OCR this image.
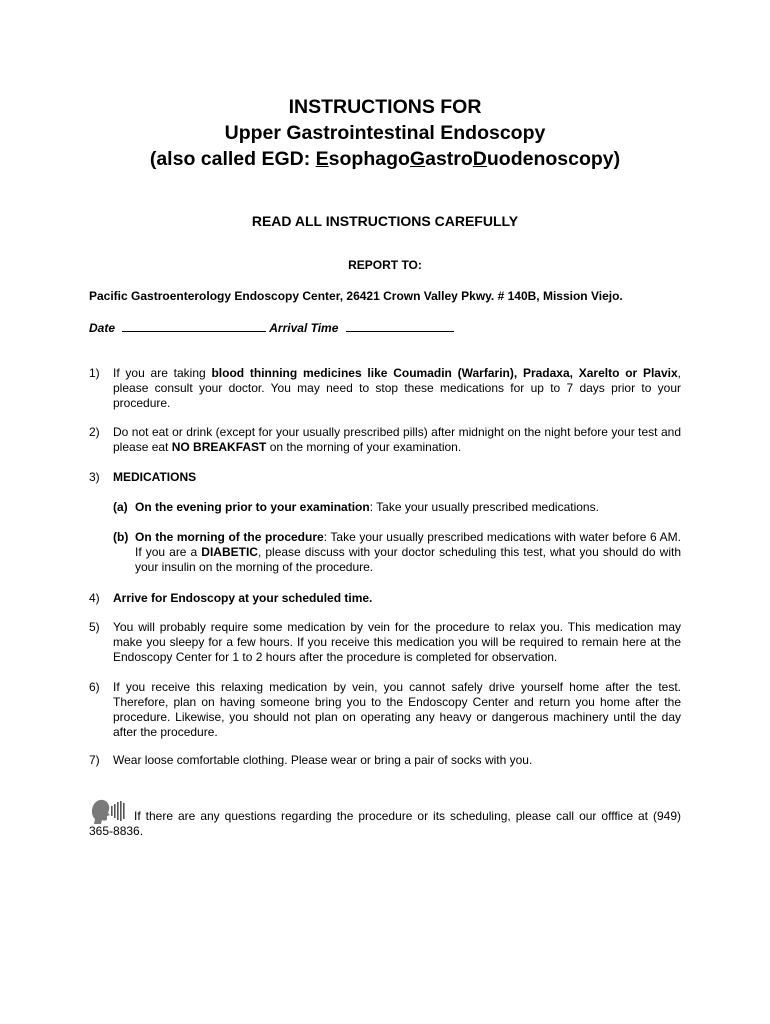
INSTRUCTIONS FOR
Upper Gastrointestinal Endoscopy
(also called EGD: EsophagoGastroDuodenoscopy)
READ ALL INSTRUCTIONS CAREFULLY
REPORT TO:
Pacific Gastroenterology Endoscopy Center, 26421 Crown Valley Pkwy. # 140B, Mission Viejo.
Date	Arrival Time
1) If you are taking blood thinning medicines like Coumadin (Warfarin), Pradaxa, Xarelto or Plavix, please consult your doctor. You may need to stop these medications for up to 7 days prior to your procedure.
2) Do not eat or drink (except for your usually prescribed pills) after midnight on the night before your test and please eat NO BREAKFAST on the morning of your examination.
3) MEDICATIONS
(a) On the evening prior to your examination: Take your usually prescribed medications.
(b) On the morning of the procedure: Take your usually prescribed medications with water before 6 AM. If you are a DIABETIC, please discuss with your doctor scheduling this test, what you should do with your insulin on the morning of the procedure.
4) Arrive for Endoscopy at your scheduled time.
5) You will probably require some medication by vein for the procedure to relax you. This medication may make you sleepy for a few hours. If you receive this medication you will be required to remain here at the Endoscopy Center for 1 to 2 hours after the procedure is completed for observation.
6) If you receive this relaxing medication by vein, you cannot safely drive yourself home after the test. Therefore, plan on having someone bring you to the Endoscopy Center and return you home after the procedure. Likewise, you should not plan on operating any heavy or dangerous machinery until the day after the procedure.
7) Wear loose comfortable clothing. Please wear or bring a pair of socks with you.
If there are any questions regarding the procedure or its scheduling, please call our offfice at (949) 365-8836.
